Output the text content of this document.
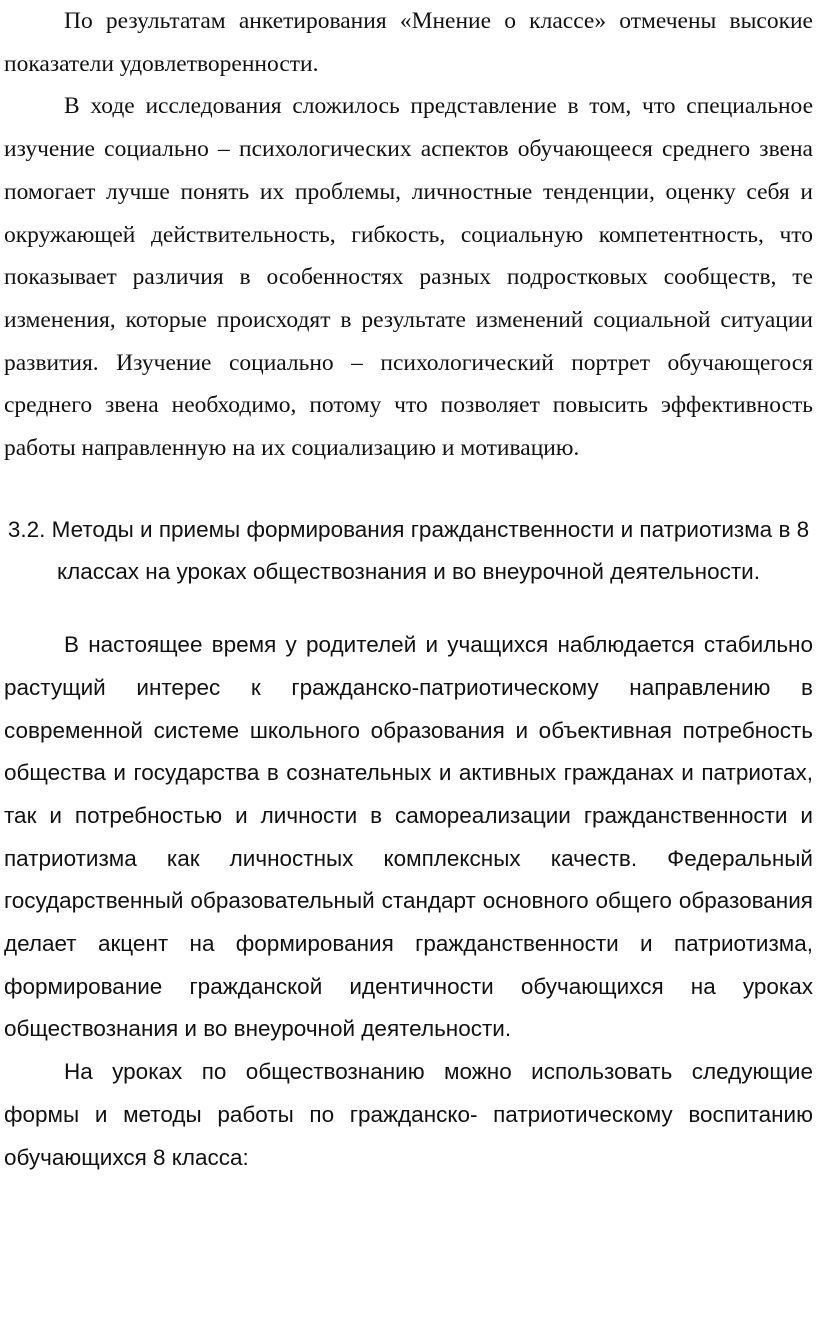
По результатам анкетирования «Мнение о классе» отмечены высокие показатели удовлетворенности.

В ходе исследования сложилось представление в том, что специальное изучение социально – психологических аспектов обучающееся среднего звена помогает лучше понять их проблемы, личностные тенденции, оценку себя и окружающей действительность, гибкость, социальную компетентность, что показывает различия в особенностях разных подростковых сообществ, те изменения, которые происходят в результате изменений социальной ситуации развития. Изучение социально – психологический портрет обучающегося среднего звена необходимо, потому что позволяет повысить эффективность работы направленную на их социализацию и мотивацию.

3.2. Методы и приемы формирования гражданственности и патриотизма в 8 классах на уроках обществознания и во внеурочной деятельности.

В настоящее время у родителей и учащихся наблюдается стабильно растущий интерес к гражданско-патриотическому направлению в современной системе школьного образования и объективная потребность общества и государства в сознательных и активных гражданах и патриотах, так и потребностью и личности в самореализации гражданственности и патриотизма как личностных комплексных качеств. Федеральный государственный образовательный стандарт основного общего образования делает акцент на формирования гражданственности и патриотизма, формирование гражданской идентичности обучающихся на уроках обществознания и во внеурочной деятельности.

На уроках по обществознанию можно использовать следующие формы и методы работы по гражданско- патриотическому воспитанию обучающихся 8 класса:
